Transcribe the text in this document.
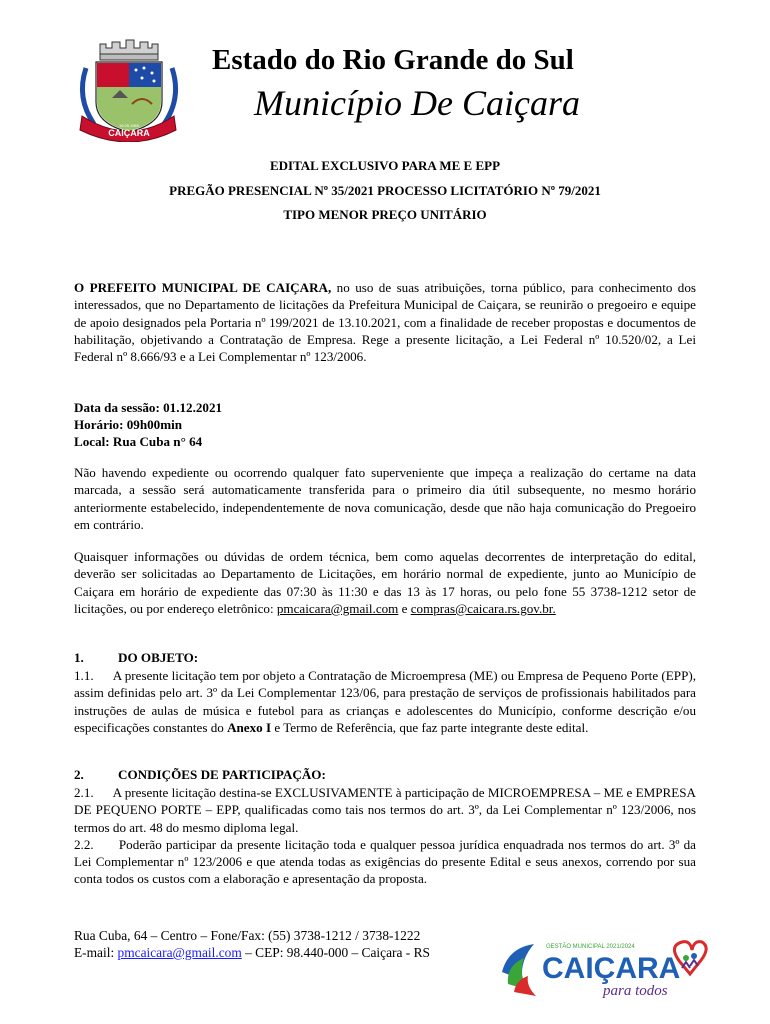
CAIÇARA
19.09.1969
Estado do Rio Grande do Sul
Município De Caiçara
EDITAL EXCLUSIVO PARA ME E EPP
PREGÃO PRESENCIAL Nº 35/2021 PROCESSO LICITATÓRIO Nº 79/2021
TIPO MENOR PREÇO UNITÁRIO

O PREFEITO MUNICIPAL DE CAIÇARA, no uso de suas atribuições, torna público, para conhecimento dos interessados, que no Departamento de licitações da Prefeitura Municipal de Caiçara, se reunirão o pregoeiro e equipe de apoio designados pela Portaria nº 199/2021 de 13.10.2021, com a finalidade de receber propostas e documentos de habilitação, objetivando a Contratação de Empresa. Rege a presente licitação, a Lei Federal nº 10.520/02, a Lei Federal nº 8.666/93 e a Lei Complementar nº 123/2006.

Data da sessão: 01.12.2021
Horário: 09h00min
Local: Rua Cuba n° 64

Não havendo expediente ou ocorrendo qualquer fato superveniente que impeça a realização do certame na data marcada, a sessão será automaticamente transferida para o primeiro dia útil subsequente, no mesmo horário anteriormente estabelecido, independentemente de nova comunicação, desde que não haja comunicação do Pregoeiro em contrário.

Quaisquer informações ou dúvidas de ordem técnica, bem como aquelas decorrentes de interpretação do edital, deverão ser solicitadas ao Departamento de Licitações, em horário normal de expediente, junto ao Município de Caiçara em horário de expediente das 07:30 às 11:30 e das 13 às 17 horas, ou pelo fone 55 3738-1212 setor de licitações, ou por endereço eletrônico: pmcaicara@gmail.com e compras@caicara.rs.gov.br.

1.	DO OBJETO:

1.1.      A presente licitação tem por objeto a Contratação de Microempresa (ME) ou Empresa de Pequeno Porte (EPP), assim definidas pelo art. 3º da Lei Complementar 123/06, para prestação de serviços de profissionais habilitados para instruções de aulas de música e futebol para as crianças e adolescentes do Município, conforme descrição e/ou especificações constantes do Anexo I e Termo de Referência, que faz parte integrante deste edital.

2.	CONDIÇÕES DE PARTICIPAÇÃO:

2.1.      A presente licitação destina-se EXCLUSIVAMENTE à participação de MICROEMPRESA – ME e EMPRESA DE PEQUENO PORTE – EPP, qualificadas como tais nos termos do art. 3º, da Lei Complementar nº 123/2006, nos termos do art. 48 do mesmo diploma legal.

2.2.      Poderão participar da presente licitação toda e qualquer pessoa jurídica enquadrada nos termos do art. 3º da Lei Complementar nº 123/2006 e que atenda todas as exigências do presente Edital e seus anexos, correndo por sua conta todos os custos com a elaboração e apresentação da proposta.

Rua Cuba, 64 – Centro – Fone/Fax: (55) 3738-1212 / 3738-1222
E-mail: pmcaicara@gmail.com – CEP: 98.440-000 – Caiçara - RS	GESTÃO MUNICIPAL 2021/2024
CAIÇARA
para todos
